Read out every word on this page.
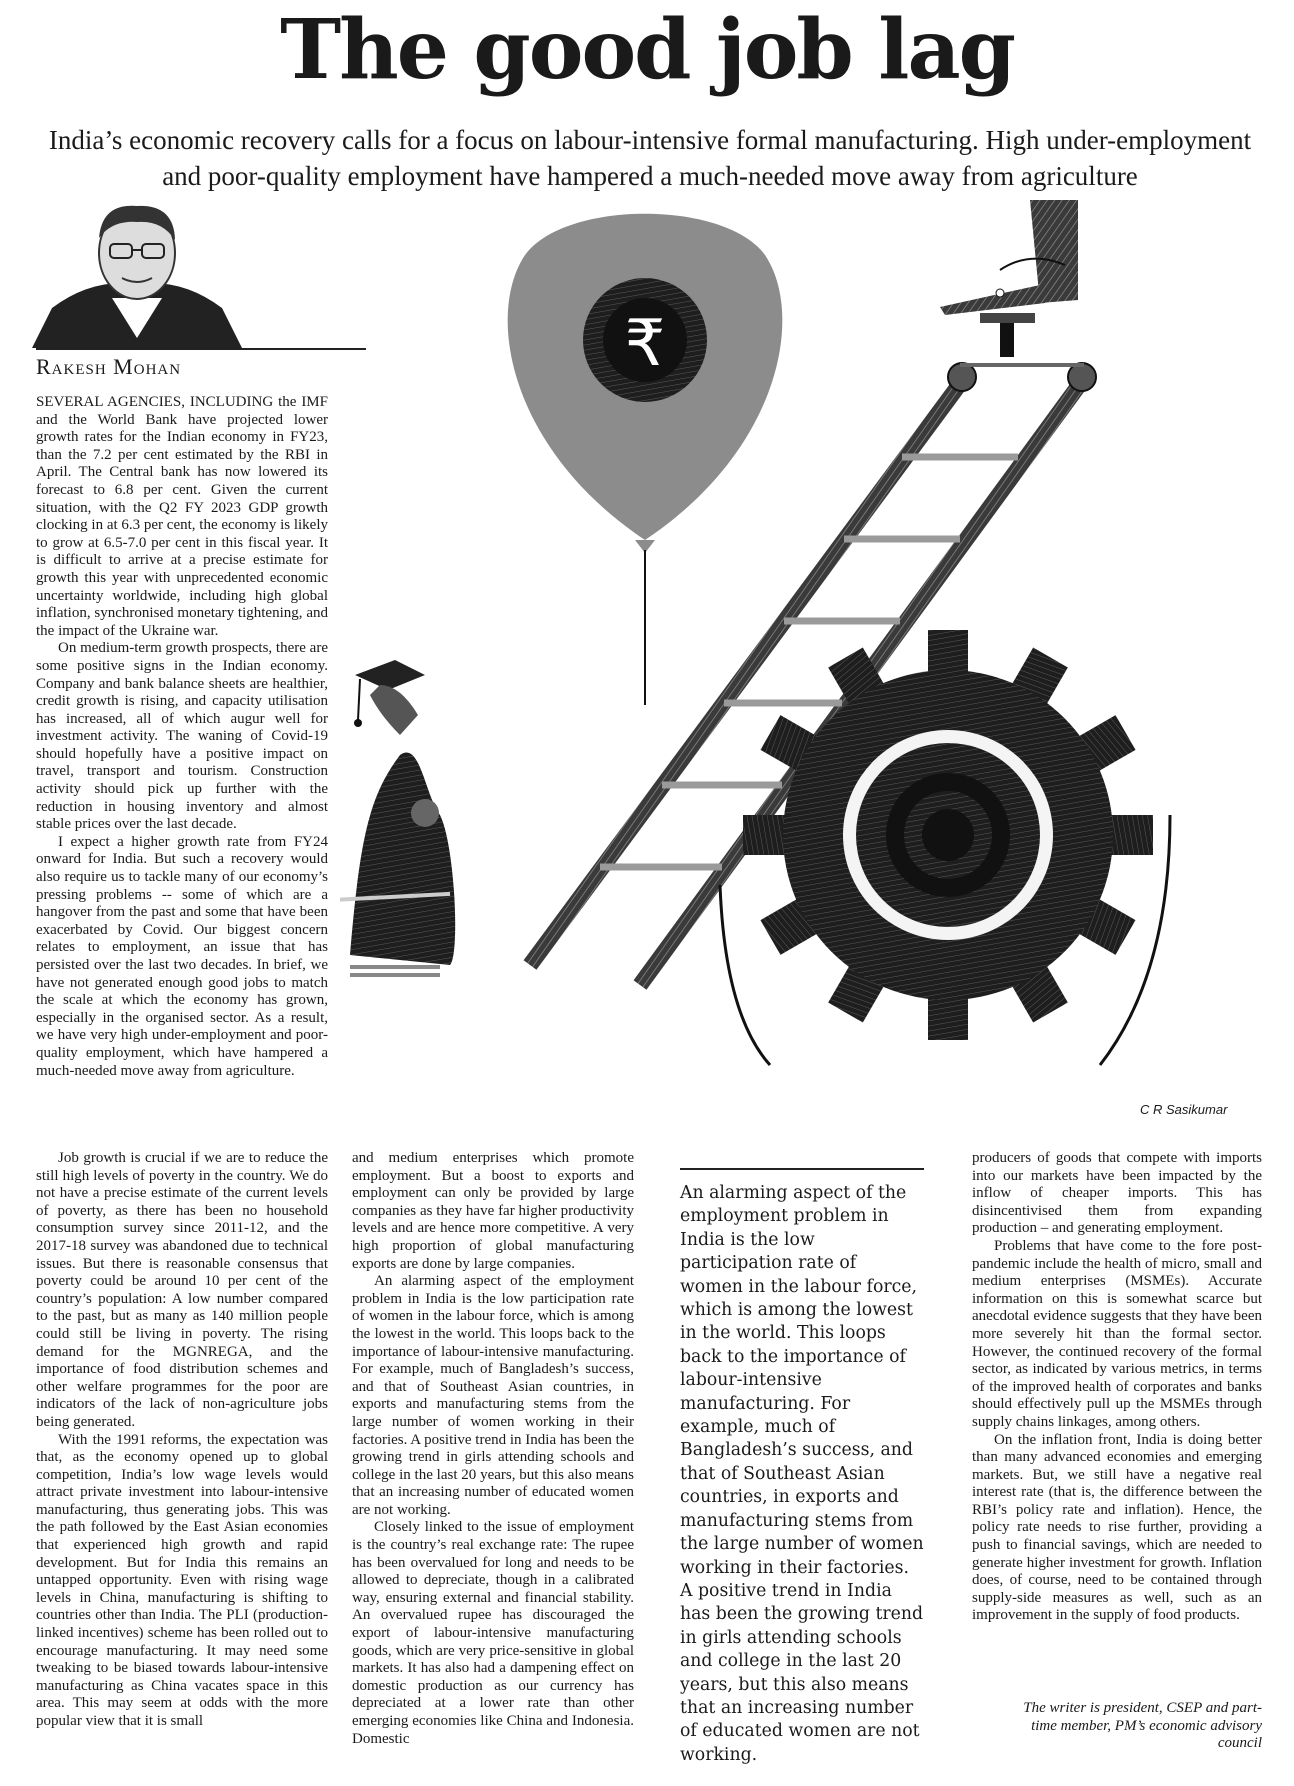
The good job lag

India’s economic recovery calls for a focus on labour-intensive formal manufacturing. High under-employment and poor-quality employment have hampered a much-needed move away from agriculture

Rakesh Mohan	₹
C R Sasikumar

SEVERAL AGENCIES, INCLUDING the IMF and the World Bank have projected lower growth rates for the Indian economy in FY23, than the 7.2 per cent estimated by the RBI in April. The Central bank has now lowered its forecast to 6.8 per cent. Given the current situation, with the Q2 FY 2023 GDP growth clocking in at 6.3 per cent, the economy is likely to grow at 6.5-7.0 per cent in this fiscal year. It is difficult to arrive at a precise estimate for growth this year with unprecedented economic uncertainty worldwide, including high global inflation, synchronised monetary tightening, and the impact of the Ukraine war.

On medium-term growth prospects, there are some positive signs in the Indian economy. Company and bank balance sheets are healthier, credit growth is rising, and capacity utilisation has increased, all of which augur well for investment activity. The waning of Covid-19 should hopefully have a positive impact on travel, transport and tourism. Construction activity should pick up further with the reduction in housing inventory and almost stable prices over the last decade.

I expect a higher growth rate from FY24 onward for India. But such a recovery would also require us to tackle many of our economy’s pressing problems -- some of which are a hangover from the past and some that have been exacerbated by Covid. Our biggest concern relates to employment, an issue that has persisted over the last two decades. In brief, we have not generated enough good jobs to match the scale at which the economy has grown, especially in the organised sector. As a result, we have very high under-employment and poor-quality employment, which have hampered a much-needed move away from agriculture.

Job growth is crucial if we are to reduce the still high levels of poverty in the country. We do not have a precise estimate of the current levels of poverty, as there has been no household consumption survey since 2011-12, and the 2017-18 survey was abandoned due to technical issues. But there is reasonable consensus that poverty could be around 10 per cent of the country’s population: A low number compared to the past, but as many as 140 million people could still be living in poverty. The rising demand for the MGNREGA, and the importance of food distribution schemes and other welfare programmes for the poor are indicators of the lack of non-agriculture jobs being generated.

With the 1991 reforms, the expectation was that, as the economy opened up to global competition, India’s low wage levels would attract private investment into labour-intensive manufacturing, thus generating jobs. This was the path followed by the East Asian economies that experienced high growth and rapid development. But for India this remains an untapped opportunity. Even with rising wage levels in China, manufacturing is shifting to countries other than India. The PLI (production-linked incentives) scheme has been rolled out to encourage manufacturing. It may need some tweaking to be biased towards labour-intensive manufacturing as China vacates space in this area. This may seem at odds with the more popular view that it is small

and medium enterprises which promote employment. But a boost to exports and employment can only be provided by large companies as they have far higher productivity levels and are hence more competitive. A very high proportion of global manufacturing exports are done by large companies.

An alarming aspect of the employment problem in India is the low participation rate of women in the labour force, which is among the lowest in the world. This loops back to the importance of labour-intensive manufacturing. For example, much of Bangladesh’s success, and that of Southeast Asian countries, in exports and manufacturing stems from the large number of women working in their factories. A positive trend in India has been the growing trend in girls attending schools and college in the last 20 years, but this also means that an increasing number of educated women are not working.

Closely linked to the issue of employment is the country’s real exchange rate: The rupee has been overvalued for long and needs to be allowed to depreciate, though in a calibrated way, ensuring external and financial stability. An overvalued rupee has discouraged the export of labour-intensive manufacturing goods, which are very price-sensitive in global markets. It has also had a dampening effect on domestic production as our currency has depreciated at a lower rate than other emerging economies like China and Indonesia. Domestic

An alarming aspect of the employment problem in India is the low participation rate of women in the labour force, which is among the lowest in the world. This loops back to the importance of labour-intensive manufacturing. For example, much of Bangladesh’s success, and that of Southeast Asian countries, in exports and manufacturing stems from the large number of women working in their factories. A positive trend in India has been the growing trend in girls attending schools and college in the last 20 years, but this also means that an increasing number of educated women are not working.

producers of goods that compete with imports into our markets have been impacted by the inflow of cheaper imports. This has disincentivised them from expanding production – and generating employment.

Problems that have come to the fore post-pandemic include the health of micro, small and medium enterprises (MSMEs). Accurate information on this is somewhat scarce but anecdotal evidence suggests that they have been more severely hit than the formal sector. However, the continued recovery of the formal sector, as indicated by various metrics, in terms of the improved health of corporates and banks should effectively pull up the MSMEs through supply chains linkages, among others.

On the inflation front, India is doing better than many advanced economies and emerging markets. But, we still have a negative real interest rate (that is, the difference between the RBI’s policy rate and inflation). Hence, the policy rate needs to rise further, providing a push to financial savings, which are needed to generate higher investment for growth. Inflation does, of course, need to be contained through supply-side measures as well, such as an improvement in the supply of food products.

The writer is president, CSEP and part-time member, PM’s economic advisory council
